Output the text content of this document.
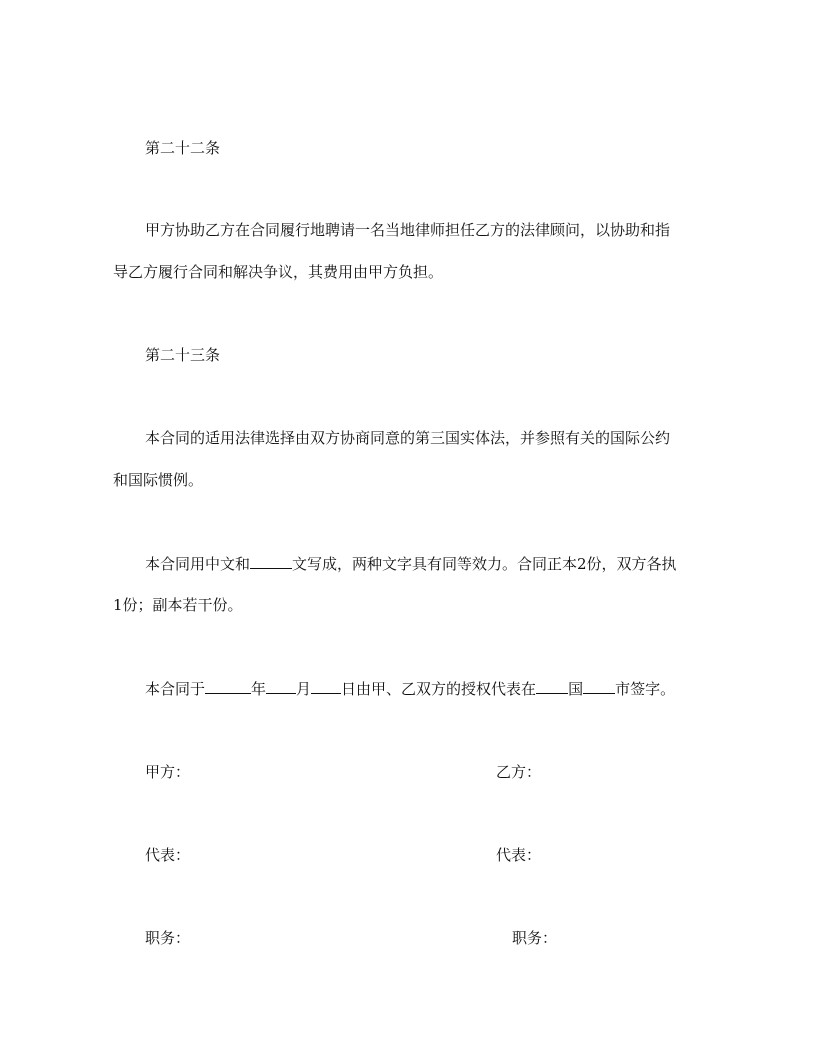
第二十二条
甲方协助乙方在合同履行地聘请一名当地律师担任乙方的法律顾问，以协助和指
导乙方履行合同和解决争议，其费用由甲方负担。
第二十三条
本合同的适用法律选择由双方协商同意的第三国实体法，并参照有关的国际公约
和国际惯例。
本合同用中文和	文写成，两种文字具有同等效力。合同正本2份，双方各执
1份；副本若干份。
本合同于	年 月 日由甲、乙双方的授权代表在 国 市签字。
甲方：	乙方：
代表：	代表：
职务：	职务：
